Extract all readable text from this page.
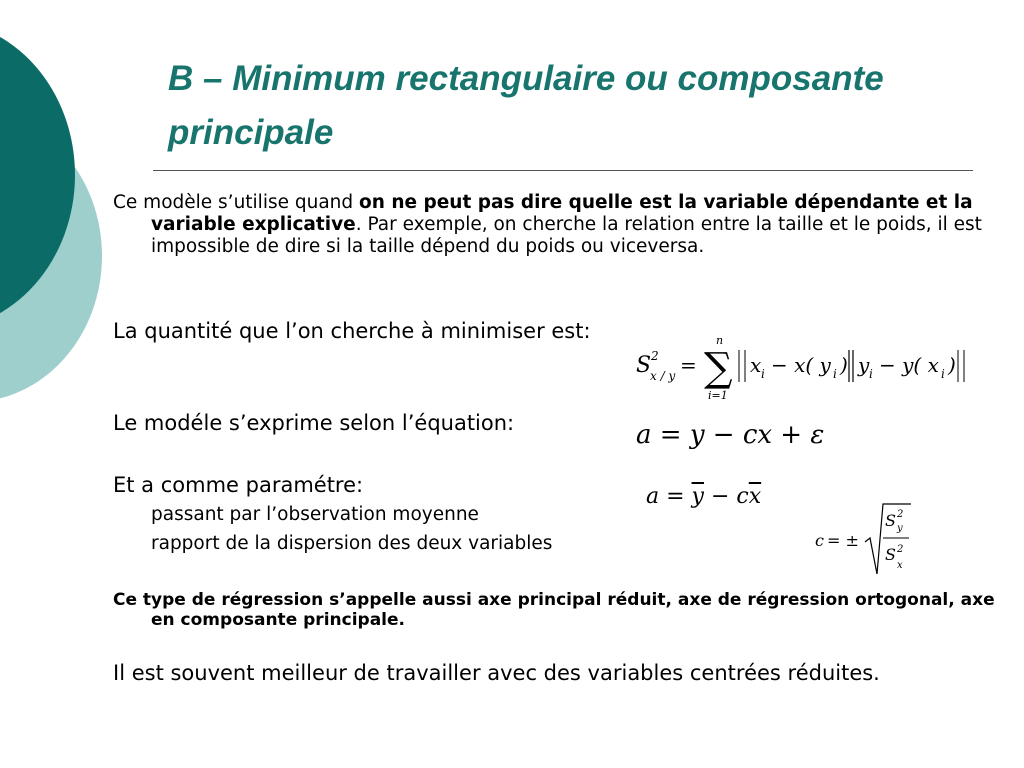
B – Minimum rectangulaire ou composante principale

Ce modèle s’utilise quand on ne peut pas dire quelle est la variable dépendante et la variable explicative. Par exemple, on cherche la relation entre la taille et le poids, il est impossible de dire si la taille dépend du poids ou viceversa.

La quantité que l’on cherche à minimiser est:

S 2
x / y =
n
∑
i=1
x i − x( y i ) y i − y( x i )

Le modéle s’exprime selon l’équation:	a = y − cx + ε

Et a comme paramétre:	$a = \overline{y} - c\overline{x}$

passant par l’observation moyenne

rapport de la dispersion des deux variables	c = ±
S 2
y
S 2
x

Ce type de régression s’appelle aussi axe principal réduit, axe de régression ortogonal, axe en composante principale.

Il est souvent meilleur de travailler avec des variables centrées réduites.
